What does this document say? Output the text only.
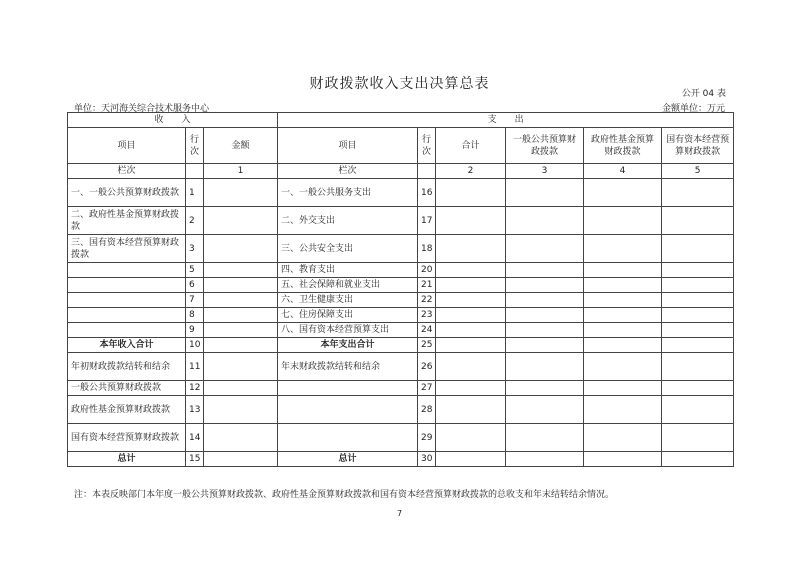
财政拨款收入支出决算总表
公开 04 表
单位：天河海关综合技术服务中心	金额单位：万元
收　　入			支　　出					
项目	行次	金额	项目	行次	合计	一般公共预算财政拨款	政府性基金预算财政拨款	国有资本经营预算财政拨款
栏次		1	栏次		2	3	4	5
一、一般公共预算财政拨款	1		一、一般公共服务支出	16				
二、政府性基金预算财政拨款	2		二、外交支出	17				
三、国有资本经营预算财政拨款	3		三、公共安全支出	18				
	5		四、教育支出	20				
	6		五、社会保障和就业支出	21				
	7		六、卫生健康支出	22				
	8		七、住房保障支出	23				
	9		八、国有资本经营预算支出	24				
本年收入合计	10		本年支出合计	25				
年初财政拨款结转和结余	11		年末财政拨款结转和结余	26				
一般公共预算财政拨款	12			27				
政府性基金预算财政拨款	13			28				
国有资本经营预算财政拨款	14			29				
总计	15		总计	30				
注：本表反映部门本年度一般公共预算财政拨款、政府性基金预算财政拨款和国有资本经营预算财政拨款的总收支和年末结转结余情况。
7
